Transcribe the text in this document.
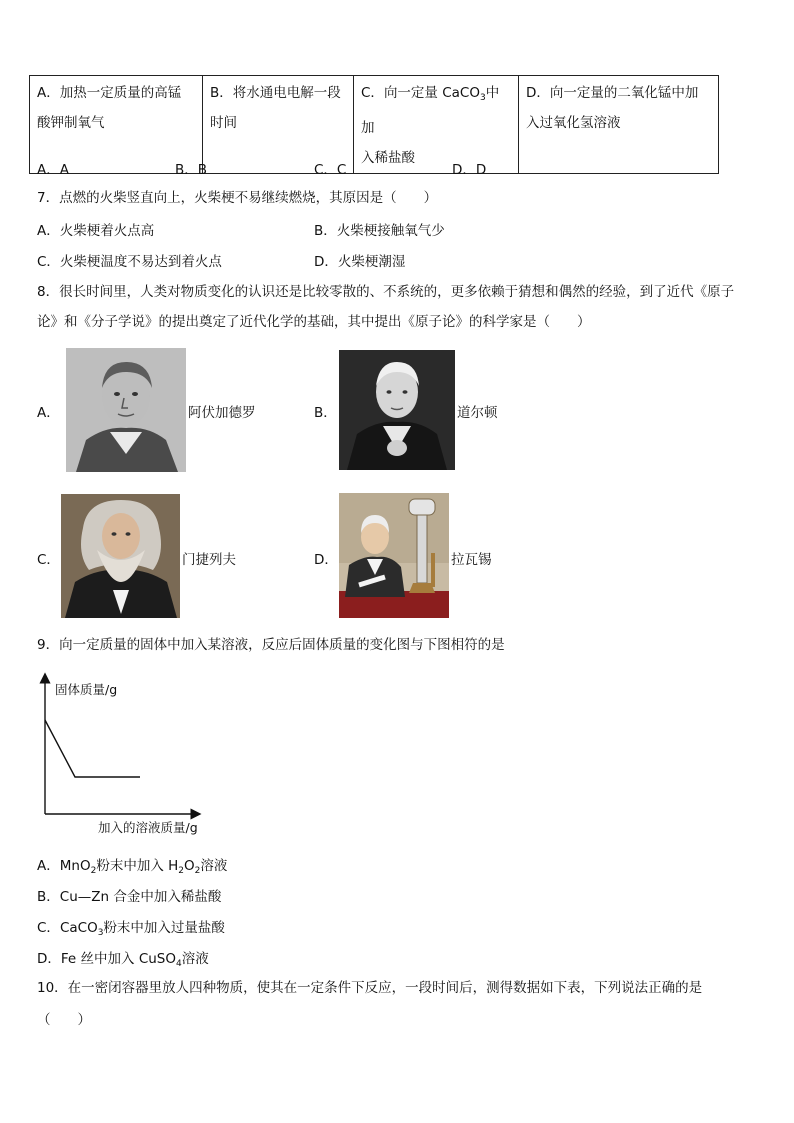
A．加热一定质量的高锰
酸钾制氧气

B．将水通电电解一段
时间

C．向一定量 CaCO$_3$中加
入稀盐酸

D．向一定量的二氧化锰中加
入过氧化氢溶液
A．A	B．B	C．C	D．D
7．点燃的火柴竖直向上，火柴梗不易继续燃烧，其原因是（　　）
A．火柴梗着火点高	B．火柴梗接触氧气少
C．火柴梗温度不易达到着火点	D．火柴梗潮湿
8．很长时间里，人类对物质变化的认识还是比较零散的、不系统的，更多依赖于猜想和偶然的经验，到了近代《原子
论》和《分子学说》的提出奠定了近代化学的基础，其中提出《原子论》的科学家是（　　）
A．	阿伏加德罗	B．	道尔顿
C．	门捷列夫	D．	拉瓦锡
9．向一定质量的固体中加入某溶液，反应后固体质量的变化图与下图相符的是
固体质量/g
加入的溶液质量/g
A．MnO$_2$粉末中加入 $H_2O_2$溶液
B．Cu—Zn 合金中加入稀盐酸
C．CaCO$_3$粉末中加入过量盐酸
D．Fe 丝中加入 CuSO$_4$溶液
10．在一密闭容器里放人四种物质，使其在一定条件下反应，一段时间后，测得数据如下表，下列说法正确的是
（　　）
